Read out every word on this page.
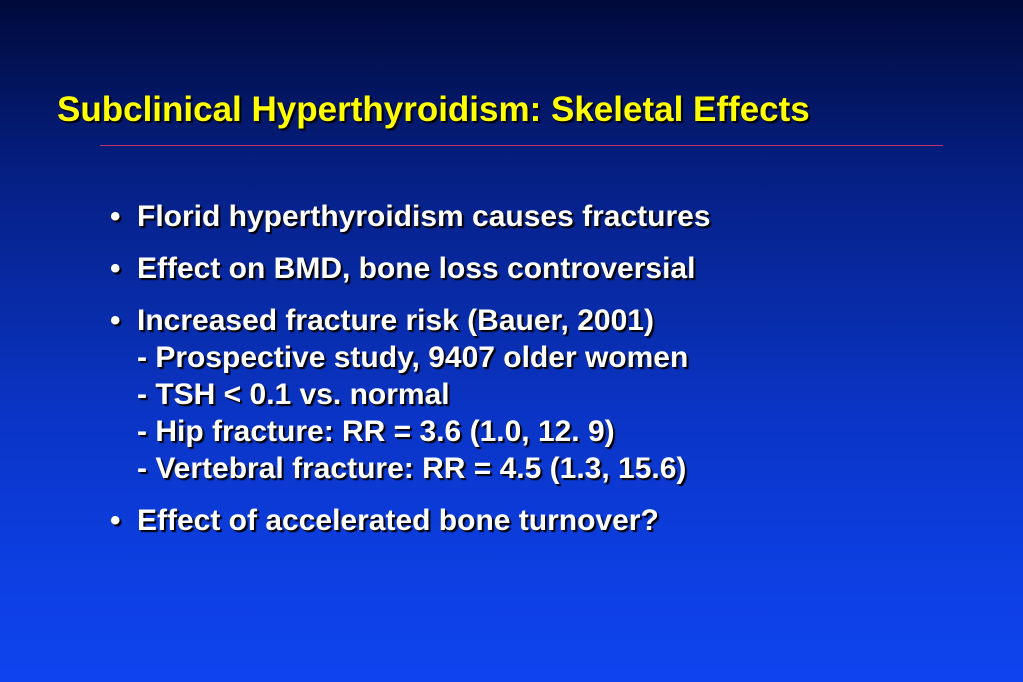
Subclinical Hyperthyroidism: Skeletal Effects
• Florid hyperthyroidism causes fractures
• Effect on BMD, bone loss controversial
• Increased fracture risk (Bauer, 2001)
- Prospective study, 9407 older women
- TSH < 0.1 vs. normal
- Hip fracture: RR = 3.6 (1.0, 12. 9)
- Vertebral fracture: RR = 4.5 (1.3, 15.6)
• Effect of accelerated bone turnover?
